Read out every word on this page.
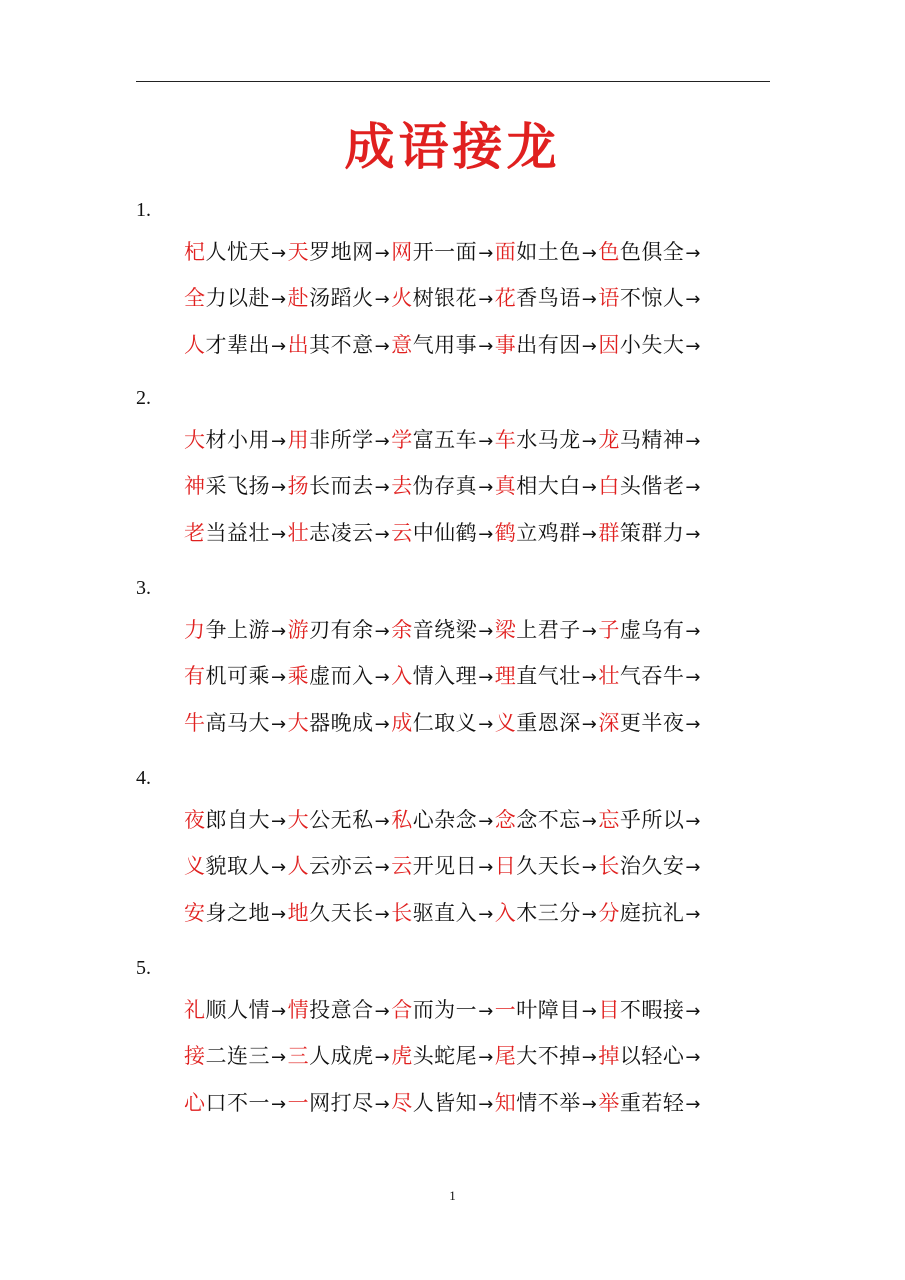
成语接龙
1.
杞人忧天→天罗地网→网开一面→面如土色→色色俱全→
全力以赴→赴汤蹈火→火树银花→花香鸟语→语不惊人→
人才辈出→出其不意→意气用事→事出有因→因小失大→
2.
大材小用→用非所学→学富五车→车水马龙→龙马精神→
神采飞扬→扬长而去→去伪存真→真相大白→白头偕老→
老当益壮→壮志凌云→云中仙鹤→鹤立鸡群→群策群力→
3.
力争上游→游刃有余→余音绕梁→梁上君子→子虚乌有→
有机可乘→乘虚而入→入情入理→理直气壮→壮气吞牛→
牛高马大→大器晚成→成仁取义→义重恩深→深更半夜→
4.
夜郎自大→大公无私→私心杂念→念念不忘→忘乎所以→
义貌取人→人云亦云→云开见日→日久天长→长治久安→
安身之地→地久天长→长驱直入→入木三分→分庭抗礼→
5.
礼顺人情→情投意合→合而为一→一叶障目→目不暇接→
接二连三→三人成虎→虎头蛇尾→尾大不掉→掉以轻心→
心口不一→一网打尽→尽人皆知→知情不举→举重若轻→
1
